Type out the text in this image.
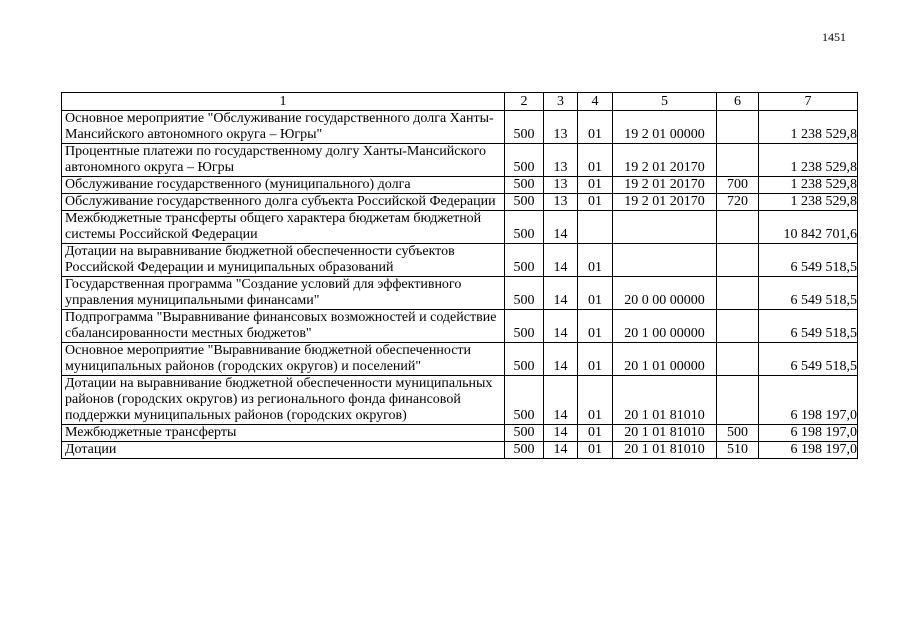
1451
1	2	3	4	5	6	7
Основное мероприятие "Обслуживание государственного долга Ханты-Мансийского автономного округа – Югры"	500	13	01	19 2 01 00000		1 238 529,8
Процентные платежи по государственному долгу Ханты-Мансийского автономного округа – Югры	500	13	01	19 2 01 20170		1 238 529,8
Обслуживание государственного (муниципального) долга	500	13	01	19 2 01 20170	700	1 238 529,8
Обслуживание государственного долга субъекта Российской Федерации	500	13	01	19 2 01 20170	720	1 238 529,8
Межбюджетные трансферты общего характера бюджетам бюджетной системы Российской Федерации	500	14				10 842 701,6
Дотации на выравнивание бюджетной обеспеченности субъектов Российской Федерации и муниципальных образований	500	14	01			6 549 518,5
Государственная программа "Создание условий для эффективного управления муниципальными финансами"	500	14	01	20 0 00 00000		6 549 518,5
Подпрограмма "Выравнивание финансовых возможностей и содействие сбалансированности местных бюджетов"	500	14	01	20 1 00 00000		6 549 518,5
Основное мероприятие "Выравнивание бюджетной обеспеченности муниципальных районов (городских округов) и поселений"	500	14	01	20 1 01 00000		6 549 518,5
Дотации на выравнивание бюджетной обеспеченности муниципальных районов (городских округов) из регионального фонда финансовой поддержки муниципальных районов (городских округов)	500	14	01	20 1 01 81010		6 198 197,0
Межбюджетные трансферты	500	14	01	20 1 01 81010	500	6 198 197,0
Дотации	500	14	01	20 1 01 81010	510	6 198 197,0
